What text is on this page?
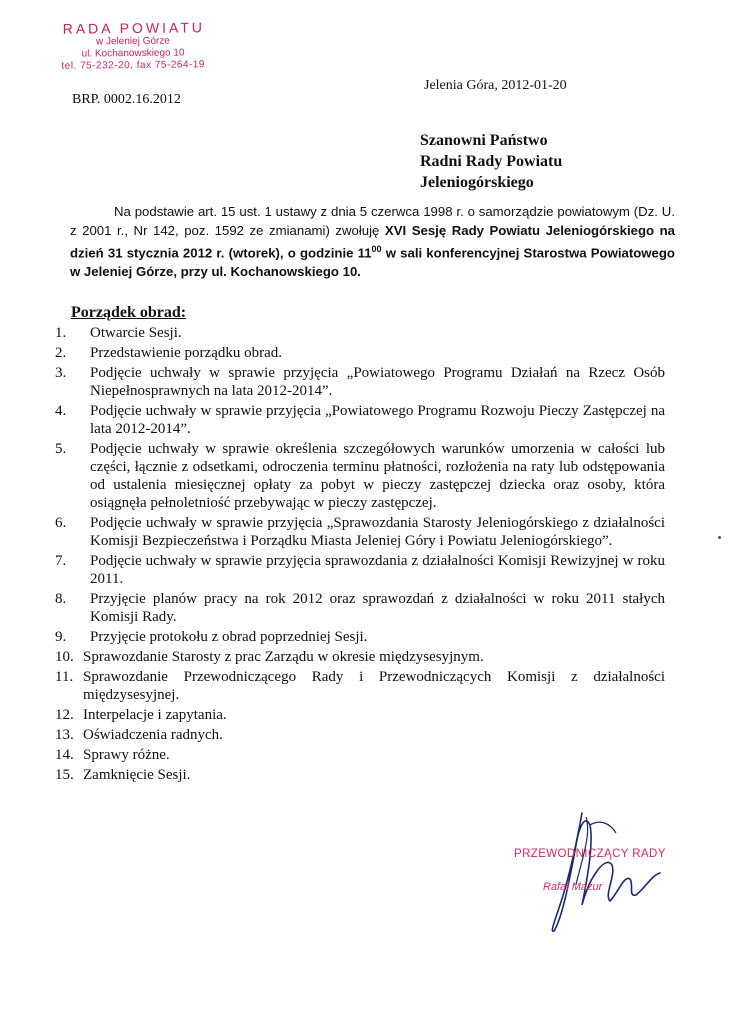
RADA POWIATU
w Jeleniej Górze
ul. Kochanowskiego 10
tel. 75-232-20, fax 75-264-19
Jelenia Góra, 2012-01-20
BRP. 0002.16.2012
Szanowni Państwo
Radni Rady Powiatu
Jeleniogórskiego
Na podstawie art. 15 ust. 1 ustawy z dnia 5 czerwca 1998 r. o samorządzie powiatowym (Dz. U. z 2001 r., Nr 142, poz. 1592 ze zmianami) zwołuję XVI Sesję Rady Powiatu Jeleniogórskiego na dzień 31 stycznia 2012 r. (wtorek), o godzinie $11^{00}$ w sali konferencyjnej Starostwa Powiatowego w Jeleniej Górze, przy ul. Kochanowskiego 10.
Porządek obrad:
1.	Otwarcie Sesji.
2.	Przedstawienie porządku obrad.
3.	Podjęcie uchwały w sprawie przyjęcia „Powiatowego Programu Działań na Rzecz Osób Niepełnosprawnych na lata 2012-2014”.
4.	Podjęcie uchwały w sprawie przyjęcia „Powiatowego Programu Rozwoju Pieczy Zastępczej na lata 2012-2014”.
5.	Podjęcie uchwały w sprawie określenia szczegółowych warunków umorzenia w całości lub części, łącznie z odsetkami, odroczenia terminu płatności, rozłożenia na raty lub odstępowania od ustalenia miesięcznej opłaty za pobyt w pieczy zastępczej dziecka oraz osoby, która osiągnęła pełnoletniość przebywając w pieczy zastępczej.
6.	Podjęcie uchwały w sprawie przyjęcia „Sprawozdania Starosty Jeleniogórskiego z działalności Komisji Bezpieczeństwa i Porządku Miasta Jeleniej Góry i Powiatu Jeleniogórskiego”.
7.	Podjęcie uchwały w sprawie przyjęcia sprawozdania z działalności Komisji Rewizyjnej w roku 2011.
8.	Przyjęcie planów pracy na rok 2012 oraz sprawozdań z działalności w roku 2011 stałych Komisji Rady.
9.	Przyjęcie protokołu z obrad poprzedniej Sesji.
10. Sprawozdanie Starosty z prac Zarządu w okresie międzysesyjnym.
11. Sprawozdanie Przewodniczącego Rady i Przewodniczących Komisji z działalności międzysesyjnej.
12. Interpelacje i zapytania.
13. Oświadczenia radnych.
14. Sprawy różne.
15. Zamknięcie Sesji.
PRZEWODNICZĄCY RADY
Rafał Mazur
